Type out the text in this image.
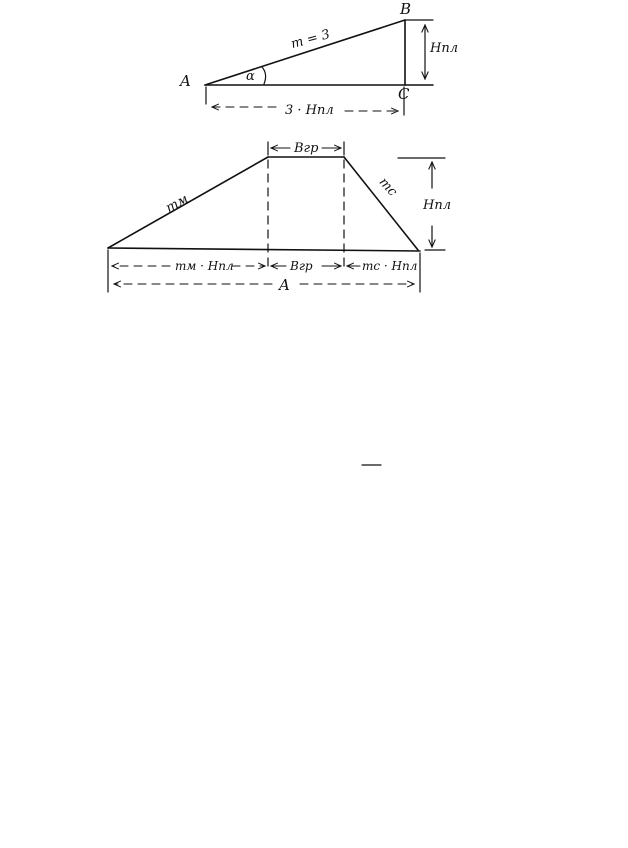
A
B
C
m = 3
α
Hпл
3 · Hпл
Bгр
mм
mс
Hпл
mм · Hпл	Bгр	mс · Hпл
A
